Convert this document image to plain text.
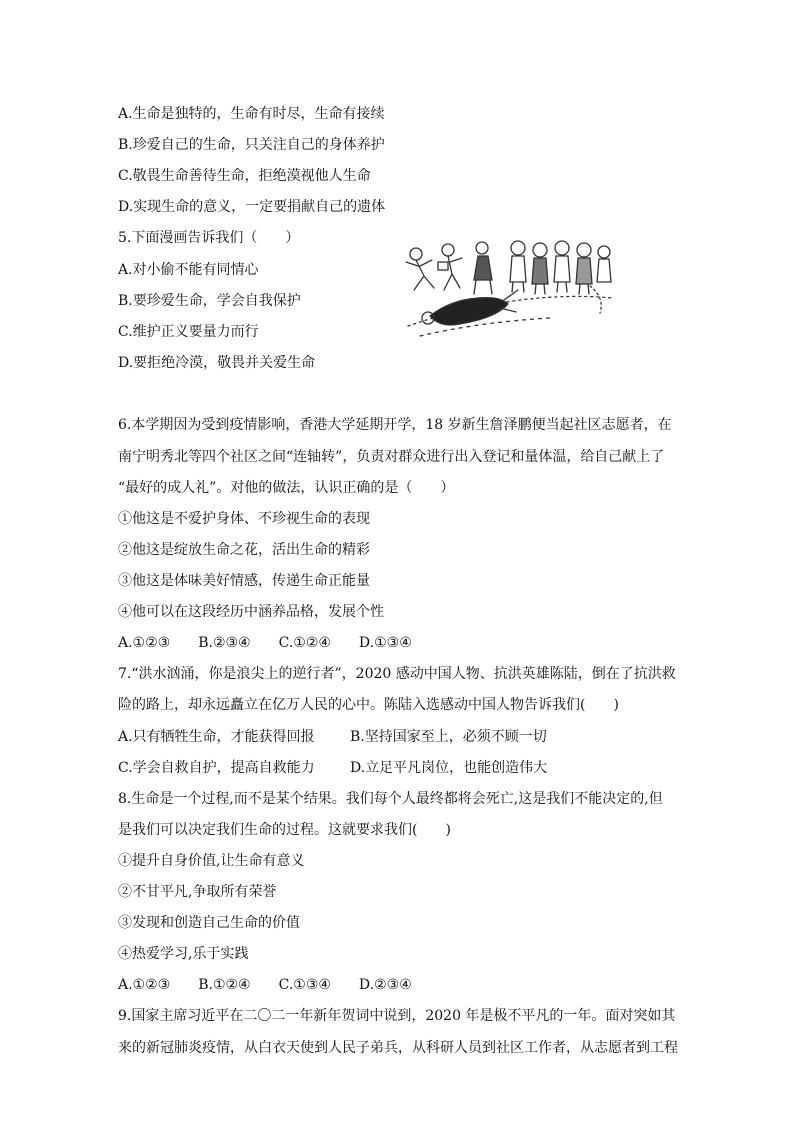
A.生命是独特的，生命有时尽，生命有接续
B.珍爱自己的生命，只关注自己的身体养护
C.敬畏生命善待生命，拒绝漠视他人生命
D.实现生命的意义，一定要捐献自己的遗体
5.下面漫画告诉我们（　　）
A.对小偷不能有同情心
B.要珍爱生命，学会自我保护
C.维护正义要量力而行
D.要拒绝冷漠，敬畏并关爱生命
6.本学期因为受到疫情影响，香港大学延期开学，18 岁新生詹泽鹏便当起社区志愿者，在
南宁明秀北等四个社区之间“连轴转”，负责对群众进行出入登记和量体温，给自己献上了
“最好的成人礼”。对他的做法，认识正确的是（　　）
①他这是不爱护身体、不珍视生命的表现
②他这是绽放生命之花，活出生命的精彩
③他这是体味美好情感，传递生命正能量
④他可以在这段经历中涵养品格，发展个性
A.①②③　　B.②③④　　C.①②④　　D.①③④
7.“洪水汹涌，你是浪尖上的逆行者”，2020 感动中国人物、抗洪英雄陈陆，倒在了抗洪救
险的路上，却永远矗立在亿万人民的心中。陈陆入选感动中国人物告诉我们(　　)
A.只有牺牲生命，才能获得回报	B.坚持国家至上，必须不顾一切
C.学会自救自护，提高自救能力	D.立足平凡岗位，也能创造伟大
8.生命是一个过程,而不是某个结果。我们每个人最终都将会死亡,这是我们不能决定的,但
是我们可以决定我们生命的过程。这就要求我们(　　)
①提升自身价值,让生命有意义
②不甘平凡,争取所有荣誉
③发现和创造自己生命的价值
④热爱学习,乐于实践
A.①②③　　B.①②④　　C.①③④　　D.②③④
9.国家主席习近平在二〇二一年新年贺词中说到，2020 年是极不平凡的一年。面对突如其
来的新冠肺炎疫情，从白衣天使到人民子弟兵，从科研人员到社区工作者，从志愿者到工程
